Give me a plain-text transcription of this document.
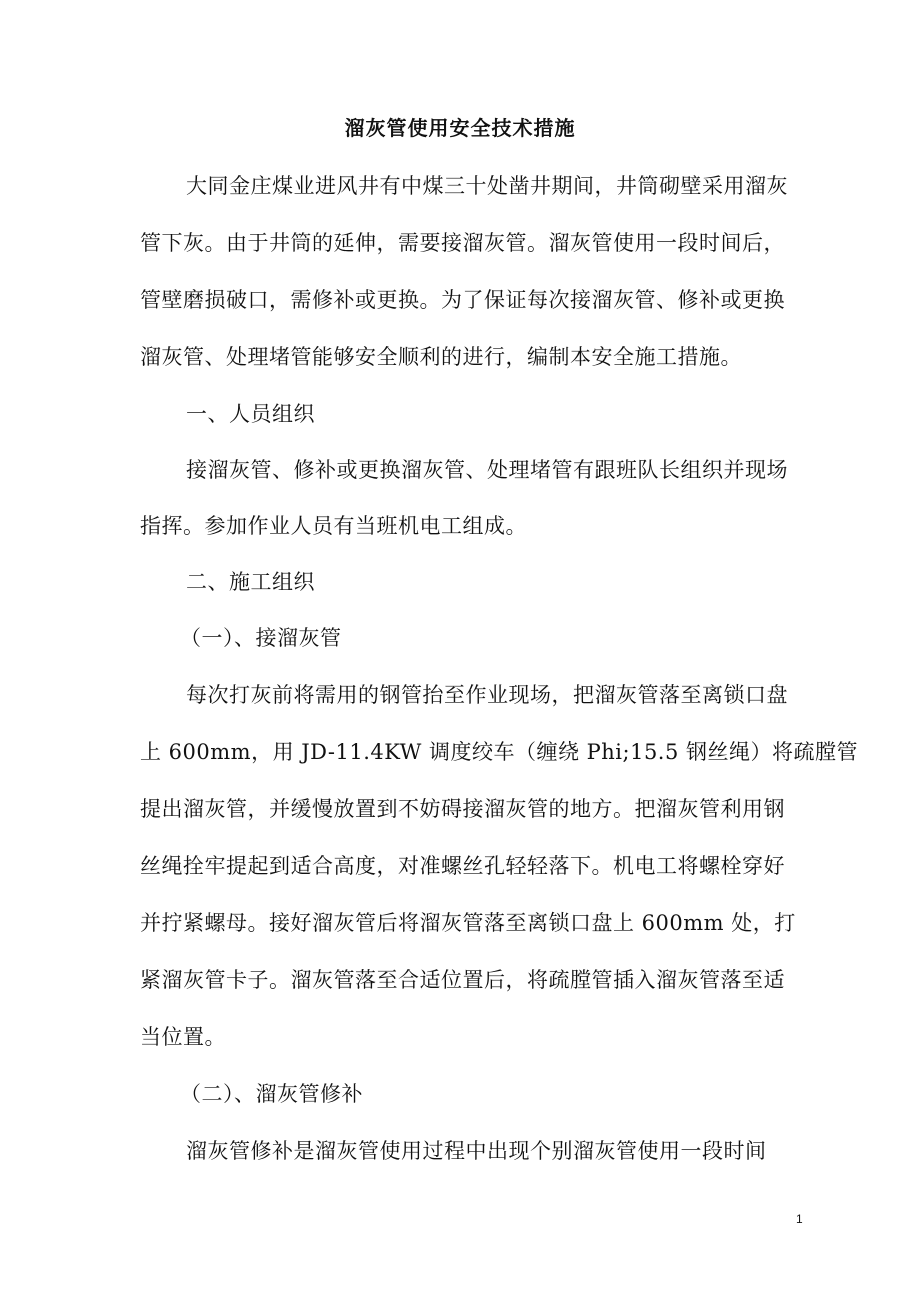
溜灰管使用安全技术措施
大同金庄煤业进风井有中煤三十处凿井期间，井筒砌壁采用溜灰
管下灰。由于井筒的延伸，需要接溜灰管。溜灰管使用一段时间后，
管壁磨损破口，需修补或更换。为了保证每次接溜灰管、修补或更换
溜灰管、处理堵管能够安全顺利的进行，编制本安全施工措施。
一、人员组织
接溜灰管、修补或更换溜灰管、处理堵管有跟班队长组织并现场
指挥。参加作业人员有当班机电工组成。
二、施工组织
（一）、接溜灰管
每次打灰前将需用的钢管抬至作业现场，把溜灰管落至离锁口盘
上 600mm，用 JD-11.4KW 调度绞车（缠绕 Phi;15.5 钢丝绳）将疏膛管
提出溜灰管，并缓慢放置到不妨碍接溜灰管的地方。把溜灰管利用钢
丝绳拴牢提起到适合高度，对准螺丝孔轻轻落下。机电工将螺栓穿好
并拧紧螺母。接好溜灰管后将溜灰管落至离锁口盘上 600mm 处，打
紧溜灰管卡子。溜灰管落至合适位置后，将疏膛管插入溜灰管落至适
当位置。
（二）、溜灰管修补
溜灰管修补是溜灰管使用过程中出现个别溜灰管使用一段时间
1
